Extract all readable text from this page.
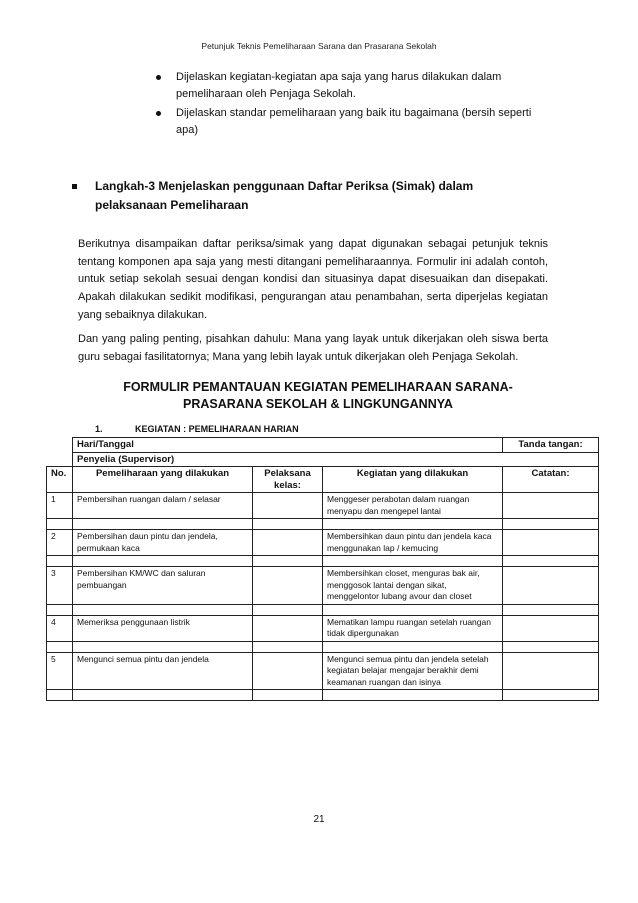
Petunjuk Teknis Pemeliharaan Sarana dan Prasarana Sekolah
Dijelaskan kegiatan-kegiatan apa saja yang harus dilakukan dalam pemeliharaan oleh Penjaga Sekolah.
Dijelaskan standar pemeliharaan yang baik itu bagaimana (bersih seperti apa)
Langkah-3 Menjelaskan penggunaan Daftar Periksa (Simak) dalam pelaksanaan Pemeliharaan
Berikutnya disampaikan daftar periksa/simak yang dapat digunakan sebagai petunjuk teknis tentang komponen apa saja yang mesti ditangani pemeliharaannya. Formulir ini adalah contoh, untuk setiap sekolah sesuai dengan kondisi dan situasinya dapat disesuaikan dan disepakati. Apakah dilakukan sedikit modifikasi, pengurangan atau penambahan, serta diperjelas kegiatan yang sebaiknya dilakukan.
Dan yang paling penting, pisahkan dahulu: Mana yang layak untuk dikerjakan oleh siswa berta guru sebagai fasilitatornya; Mana yang lebih layak untuk dikerjakan oleh Penjaga Sekolah.
FORMULIR PEMANTAUAN KEGIATAN PEMELIHARAAN SARANA-
PRASARANA SEKOLAH & LINGKUNGANNYA
1.	KEGIATAN : PEMELIHARAAN HARIAN
	Hari/Tanggal			Tanda tangan:
	Penyelia (Supervisor)			
No.	Pemeliharaan yang dilakukan	Pelaksana kelas:	Kegiatan yang dilakukan	Catatan:
1	Pembersihan ruangan dalam / selasar		Menggeser perabotan dalam ruangan menyapu dan mengepel lantai	

2	Pembersihan daun pintu dan jendela, permukaan kaca		Membersihkan daun pintu dan jendela kaca menggunakan lap / kemucing	

3	Pembersihan KM/WC dan saluran pembuangan		Membersihkan closet, menguras bak air, menggosok lantai dengan sikat, menggelontor lubang avour dan closet	

4	Memeriksa penggunaan listrik		Mematikan lampu ruangan setelah ruangan tidak dipergunakan	

5	Mengunci semua pintu dan jendela		Mengunci semua pintu dan jendela setelah kegiatan belajar mengajar berakhir demi keamanan ruangan dan isinya	

21
